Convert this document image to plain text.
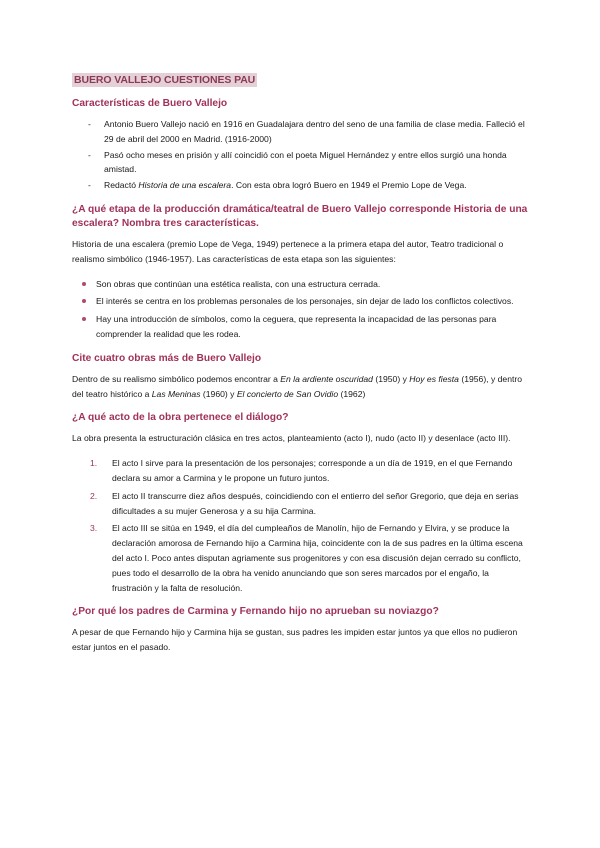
BUERO VALLEJO CUESTIONES PAU
Características de Buero Vallejo
- Antonio Buero Vallejo nació en 1916 en Guadalajara dentro del seno de una familia de clase media. Falleció el 29 de abril del 2000 en Madrid. (1916-2000)
- Pasó ocho meses en prisión y allí coincidió con el poeta Miguel Hernández y entre ellos surgió una honda amistad.
- Redactó Historia de una escalera. Con esta obra logró Buero en 1949 el Premio Lope de Vega.
¿A qué etapa de la producción dramática/teatral de Buero Vallejo corresponde Historia de una escalera? Nombra tres características.

Historia de una escalera (premio Lope de Vega, 1949) pertenece a la primera etapa del autor, Teatro tradicional o realismo simbólico (1946-1957). Las características de esta etapa son las siguientes:

Son obras que continúan una estética realista, con una estructura cerrada.
El interés se centra en los problemas personales de los personajes, sin dejar de lado los conflictos colectivos.
Hay una introducción de símbolos, como la ceguera, que representa la incapacidad de las personas para comprender la realidad que les rodea.
Cite cuatro obras más de Buero Vallejo

Dentro de su realismo simbólico podemos encontrar a En la ardiente oscuridad (1950) y Hoy es fiesta (1956), y dentro del teatro histórico a Las Meninas (1960) y El concierto de San Ovidio (1962)

¿A qué acto de la obra pertenece el diálogo?

La obra presenta la estructuración clásica en tres actos, planteamiento (acto I), nudo (acto II) y desenlace (acto III).

1. El acto I sirve para la presentación de los personajes; corresponde a un día de 1919, en el que Fernando declara su amor a Carmina y le propone un futuro juntos.
2. El acto II transcurre diez años después, coincidiendo con el entierro del señor Gregorio, que deja en serias dificultades a su mujer Generosa y a su hija Carmina.
3. El acto III se sitúa en 1949, el día del cumpleaños de Manolín, hijo de Fernando y Elvira, y se produce la declaración amorosa de Fernando hijo a Carmina hija, coincidente con la de sus padres en la última escena del acto I. Poco antes disputan agriamente sus progenitores y con esa discusión dejan cerrado su conflicto, pues todo el desarrollo de la obra ha venido anunciando que son seres marcados por el engaño, la frustración y la falta de resolución.
¿Por qué los padres de Carmina y Fernando hijo no aprueban su noviazgo?

A pesar de que Fernando hijo y Carmina hija se gustan, sus padres les impiden estar juntos ya que ellos no pudieron estar juntos en el pasado.
